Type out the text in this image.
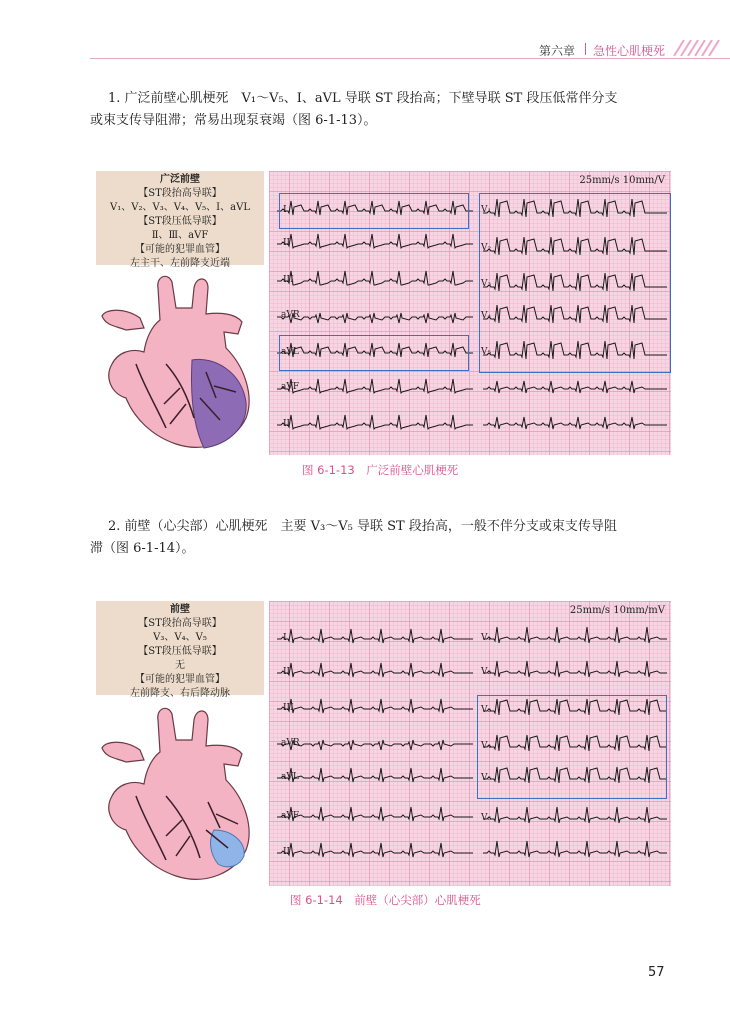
第六章 急性心肌梗死
1. 广泛前壁心肌梗死　V₁～V₅、Ⅰ、aVL 导联 ST 段抬高；下壁导联 ST 段压低常伴分支
或束支传导阻滞；常易出现泵衰竭（图 6-1-13）。
广泛前壁
【ST段抬高导联】
V₁、V₂、V₃、V₄、V₅、Ⅰ、aVL
【ST段压低导联】
Ⅱ、Ⅲ、aVF
【可能的犯罪血管】
左主干、左前降支近端
25mm/s 10mm/V
I
II
III
aVR
aVL
aVF
II
V₁
V₂
V₃
V₄
V₅
图 6-1-13　广泛前壁心肌梗死
2. 前壁（心尖部）心肌梗死　主要 V₃～V₅ 导联 ST 段抬高，一般不伴分支或束支传导阻
滞（图 6-1-14）。
前壁
【ST段抬高导联】
V₃、V₄、V₅
【ST段压低导联】
无
【可能的犯罪血管】
左前降支、右后降动脉
25mm/s 10mm/mV
I
II
III
aVR
aVL
aVF
II
V₁
V₂
V₃
V₄
V₅
V₆
图 6-1-14　前壁（心尖部）心肌梗死
57
